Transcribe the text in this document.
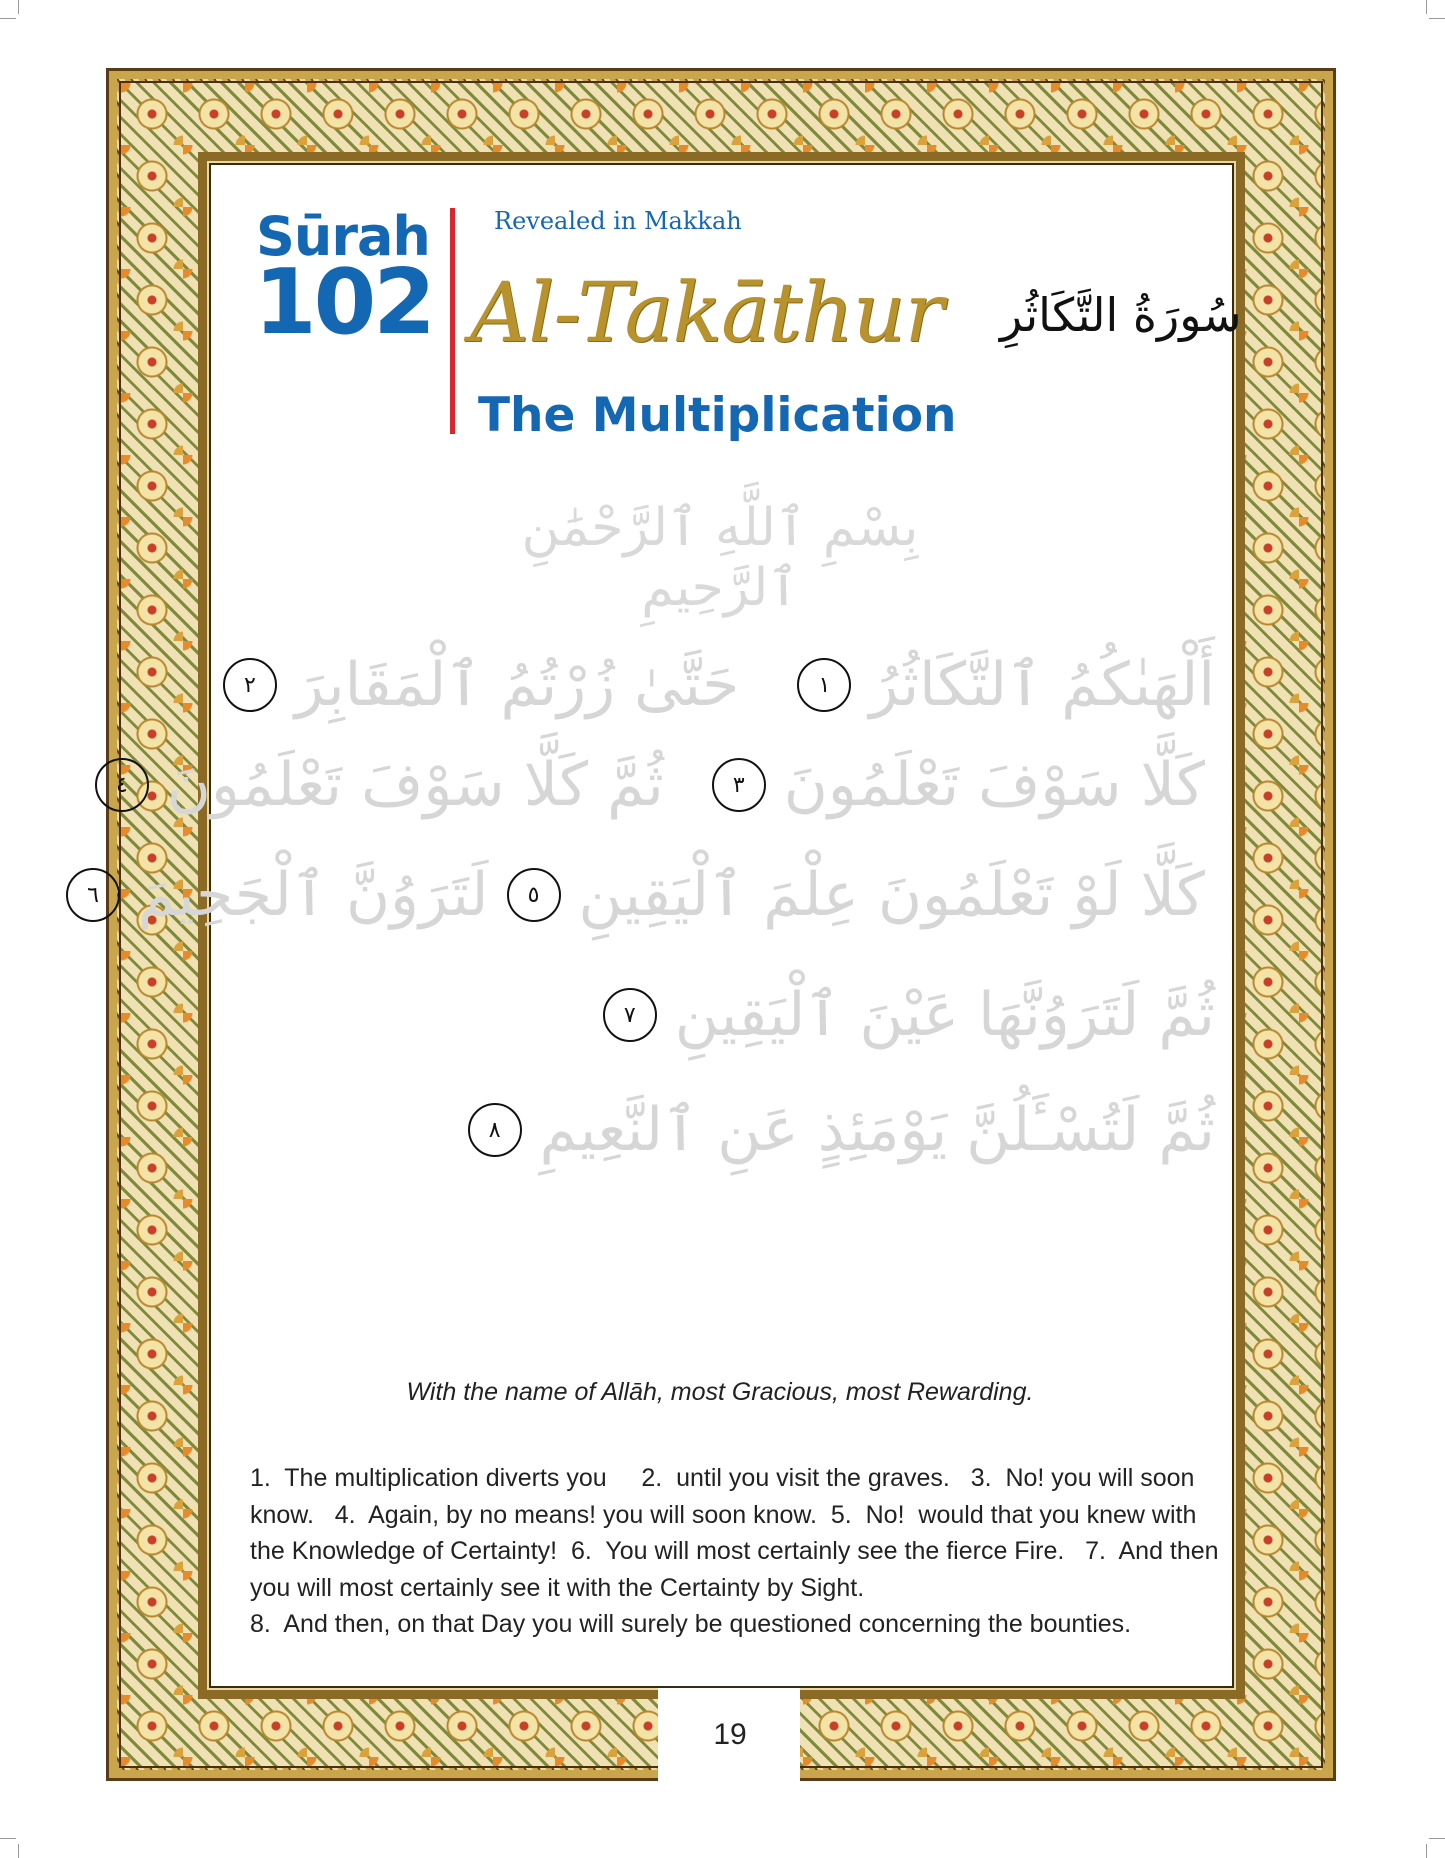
Sūrah
102
Revealed in Makkah
Al-Takāthur سُورَةُ التَّكَاثُرِ
The Multiplication
بِسْمِ ٱللَّهِ ٱلرَّحْمَٰنِ ٱلرَّحِيمِ
أَلْهَىٰكُمُ ٱلتَّكَاثُرُ
١
حَتَّىٰ زُرْتُمُ ٱلْمَقَابِرَ
٢
كَلَّا سَوْفَ تَعْلَمُونَ
٣
ثُمَّ كَلَّا سَوْفَ تَعْلَمُونَ
٤
كَلَّا لَوْ تَعْلَمُونَ عِلْمَ ٱلْيَقِينِ
٥
لَتَرَوُنَّ ٱلْجَحِيمَ
٦
ثُمَّ لَتَرَوُنَّهَا عَيْنَ ٱلْيَقِينِ
٧
ثُمَّ لَتُسْـَٔلُنَّ يَوْمَئِذٍ عَنِ ٱلنَّعِيمِ
٨
With the name of Allāh, most Gracious, most Rewarding.
1.  The multiplication diverts you     2.  until you visit the graves.   3.  No! you will soon know.   4.  Again, by no means! you will soon know.  5.  No!  would that you knew with the Knowledge of Certainty!  6.  You will most certainly see the fierce Fire.   7.  And then you will most certainly see it with the Certainty by Sight.
8.  And then, on that Day you will surely be questioned concerning the bounties.
19
